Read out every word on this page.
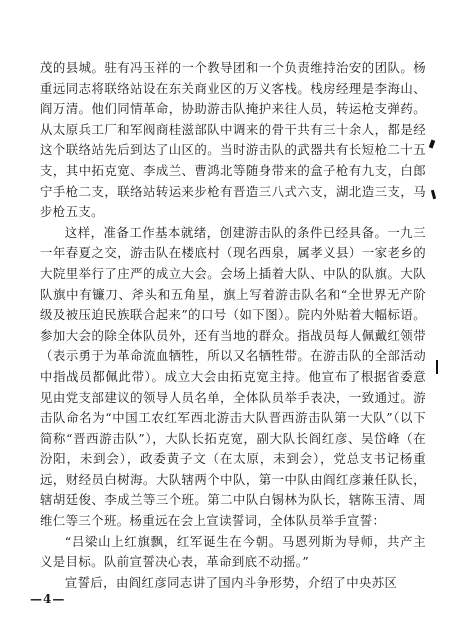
茂的县城。驻有冯玉祥的一个教导团和一个负责维持治安的团队。杨重远同志将联络站设在东关商业区的万义客栈。栈房经理是李海山、阎万清。他们同情革命，协助游击队掩护来往人员，转运枪支弹药。从太原兵工厂和军阀商桂滋部队中调来的骨干共有三十余人，都是经这个联络站先后到达了山区的。当时游击队的武器共有长短枪二十五支，其中拓克宽、李成兰、曹鸿北等随身带来的盒子枪有九支，白郎宁手枪二支，联络站转运来步枪有晋造三八式六支，湖北造三支，马步枪五支。

这样，准备工作基本就绪，创建游击队的条件已经具备。一九三一年春夏之交，游击队在楼底村（现名西泉，属孝义县）一家老乡的大院里举行了庄严的成立大会。会场上插着大队、中队的队旗。大队队旗中有镰刀、斧头和五角星，旗上写着游击队名和“全世界无产阶级及被压迫民族联合起来”的口号（如下图）。院内外贴着大幅标语。参加大会的除全体队员外，还有当地的群众。指战员每人佩戴红领带（表示勇于为革命流血牺牲，所以又名牺牲带。在游击队的全部活动中指战员都佩此带）。成立大会由拓克宽主持。他宣布了根据省委意见由党支部建议的领导人员名单，全体队员举手表决，一致通过。游击队命名为“中国工农红军西北游击大队晋西游击队第一大队”（以下简称“晋西游击队”），大队长拓克宽，副大队长阎红彦、吴岱峰（在汾阳，未到会），政委黄子文（在太原，未到会），党总支书记杨重远，财经员白树海。大队辖两个中队，第一中队由阎红彦兼任队长，辖胡廷俊、李成兰等三个班。第二中队白锡林为队长，辖陈玉清、周维仁等三个班。杨重远在会上宣读誓词，全体队员举手宣誓：

“吕梁山上红旗飘，红军诞生在今朝。马恩列斯为导师，共产主义是目标。队前宣誓决心表，革命到底不动摇。”

宣誓后，由阎红彦同志讲了国内斗争形势，介绍了中央苏区

—4—
